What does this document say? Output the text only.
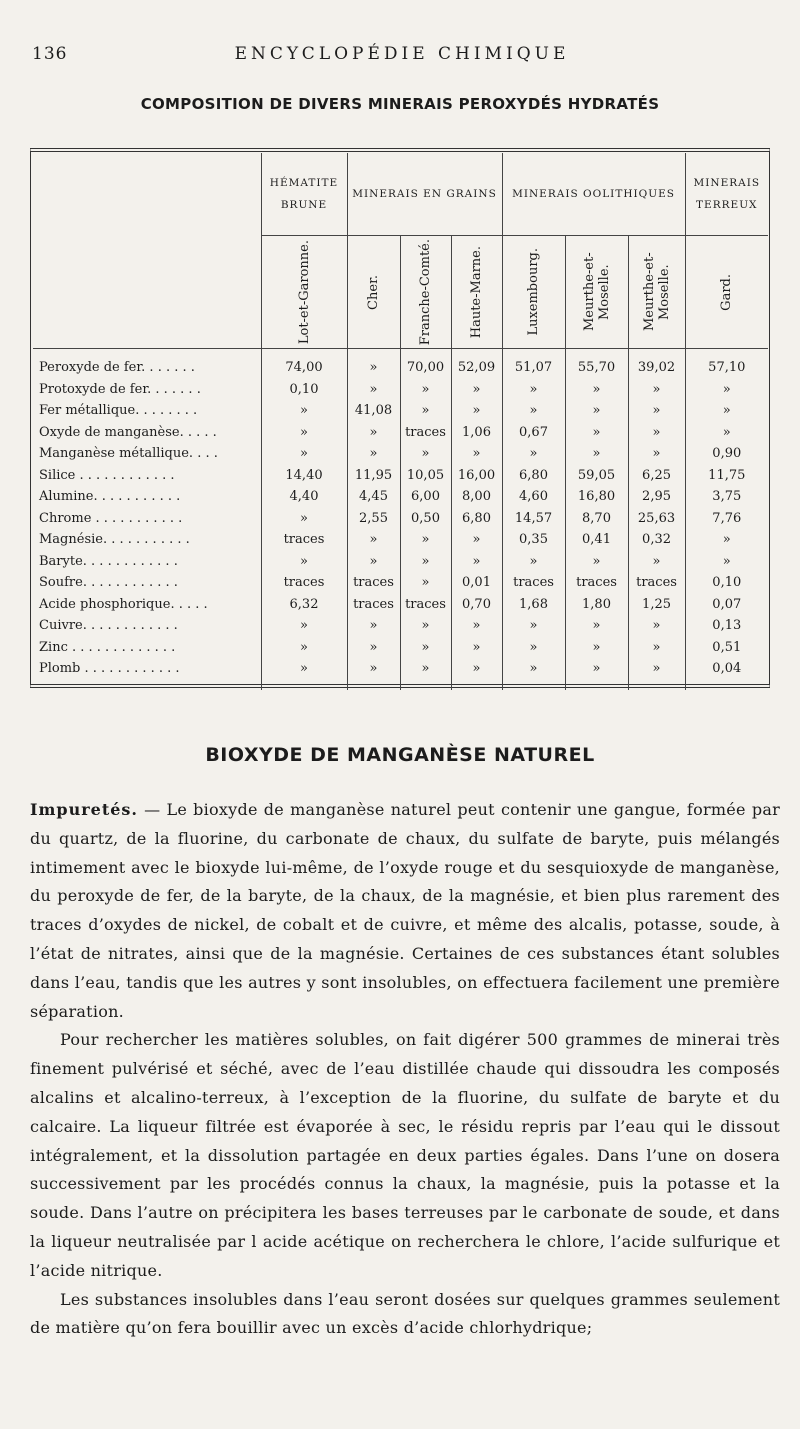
136	ENCYCLOPÉDIE CHIMIQUE
COMPOSITION DE DIVERS MINERAIS PEROXYDÉS HYDRATÉS
	HÉMATITE BRUNE	MINERAIS EN GRAINS			MINERAIS OOLITHIQUES			MINERAIS TERREUX

	Lot-et-Garonne.	Cher.	Franche-Comté.	Haute-Marne.	Luxembourg.	Meurthe-et-Moselle.	Meurthe-et-Moselle.	Gard.

Peroxyde de fer. . . . . . .	74,00	»	70,00	52,09	51,07	55,70	39,02	57,10
Protoxyde de fer. . . . . . .	0,10	»	»	»	»	»	»	»
Fer métallique. . . . . . . .	»	41,08	»	»	»	»	»	»
Oxyde de manganèse. . . . .	»	»	traces	1,06	0,67	»	»	»
Manganèse métallique. . . .	»	»	»	»	»	»	»	0,90
Silice . . . . . . . . . . . .	14,40	11,95	10,05	16,00	6,80	59,05	6,25	11,75
Alumine. . . . . . . . . . .	4,40	4,45	6,00	8,00	4,60	16,80	2,95	3,75
Chrome . . . . . . . . . . .	»	2,55	0,50	6,80	14,57	8,70	25,63	7,76
Magnésie. . . . . . . . . . .	traces	»	»	»	0,35	0,41	0,32	»
Baryte. . . . . . . . . . . .	»	»	»	»	»	»	»	»
Soufre. . . . . . . . . . . .	traces	traces	»	0,01	traces	traces	traces	0,10
Acide phosphorique. . . . .	6,32	traces	traces	0,70	1,68	1,80	1,25	0,07
Cuivre. . . . . . . . . . . .	»	»	»	»	»	»	»	0,13
Zinc . . . . . . . . . . . . .	»	»	»	»	»	»	»	0,51
Plomb . . . . . . . . . . . .	»	»	»	»	»	»	»	0,04
BIOXYDE DE MANGANÈSE NATUREL

Impuretés. — Le bioxyde de manganèse naturel peut contenir une gangue, formée par du quartz, de la fluorine, du carbonate de chaux, du sulfate de baryte, puis mélangés intimement avec le bioxyde lui-même, de l’oxyde rouge et du sesquioxyde de manganèse, du peroxyde de fer, de la baryte, de la chaux, de la magnésie, et bien plus rarement des traces d’oxydes de nickel, de cobalt et de cuivre, et même des alcalis, potasse, soude, à l’état de nitrates, ainsi que de la magnésie. Certaines de ces substances étant solubles dans l’eau, tandis que les autres y sont insolubles, on effectuera facilement une première séparation.

Pour rechercher les matières solubles, on fait digérer 500 grammes de minerai très finement pulvérisé et séché, avec de l’eau distillée chaude qui dissoudra les composés alcalins et alcalino-terreux, à l’exception de la fluorine, du sulfate de baryte et du calcaire. La liqueur filtrée est évaporée à sec, le résidu repris par l’eau qui le dissout intégralement, et la dissolution partagée en deux parties égales. Dans l’une on dosera successivement par les procédés connus la chaux, la magnésie, puis la potasse et la soude. Dans l’autre on précipitera les bases terreuses par le carbonate de soude, et dans la liqueur neutralisée par l acide acétique on recherchera le chlore, l’acide sulfurique et l’acide nitrique.

Les substances insolubles dans l’eau seront dosées sur quelques grammes seulement de matière qu’on fera bouillir avec un excès d’acide chlorhydrique;
